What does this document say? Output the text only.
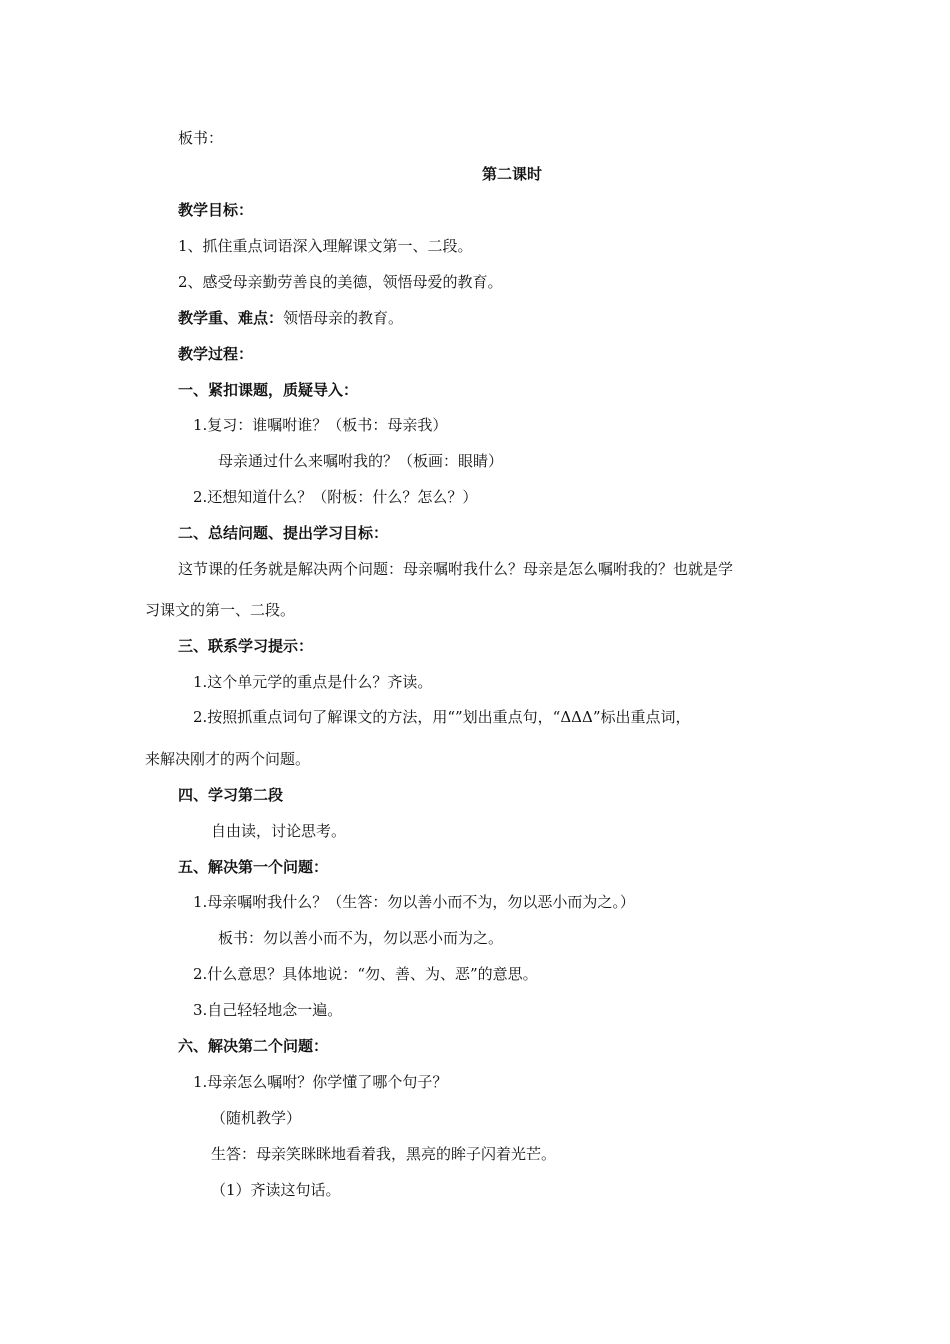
板书：
第二课时
教学目标：
1、抓住重点词语深入理解课文第一、二段。
2、感受母亲勤劳善良的美德，领悟母爱的教育。
教学重、难点：领悟母亲的教育。
教学过程：
一、紧扣课题，质疑导入：
1.复习：谁嘱咐谁？（板书：母亲我）
母亲通过什么来嘱咐我的？（板画：眼睛）
2.还想知道什么？（附板：什么？怎么？）
二、总结问题、提出学习目标：
这节课的任务就是解决两个问题：母亲嘱咐我什么？母亲是怎么嘱咐我的？也就是学
习课文的第一、二段。
三、联系学习提示：
1.这个单元学的重点是什么？齐读。
2.按照抓重点词句了解课文的方法，用“”划出重点句，“ΔΔΔ”标出重点词，
来解决刚才的两个问题。
四、学习第二段
自由读，讨论思考。
五、解决第一个问题：
1.母亲嘱咐我什么？（生答：勿以善小而不为，勿以恶小而为之。）
板书：勿以善小而不为，勿以恶小而为之。
2.什么意思？具体地说：“勿、善、为、恶”的意思。
3.自己轻轻地念一遍。
六、解决第二个问题：
1.母亲怎么嘱咐？你学懂了哪个句子？
（随机教学）
生答：母亲笑眯眯地看着我，黑亮的眸子闪着光芒。
（1）齐读这句话。
